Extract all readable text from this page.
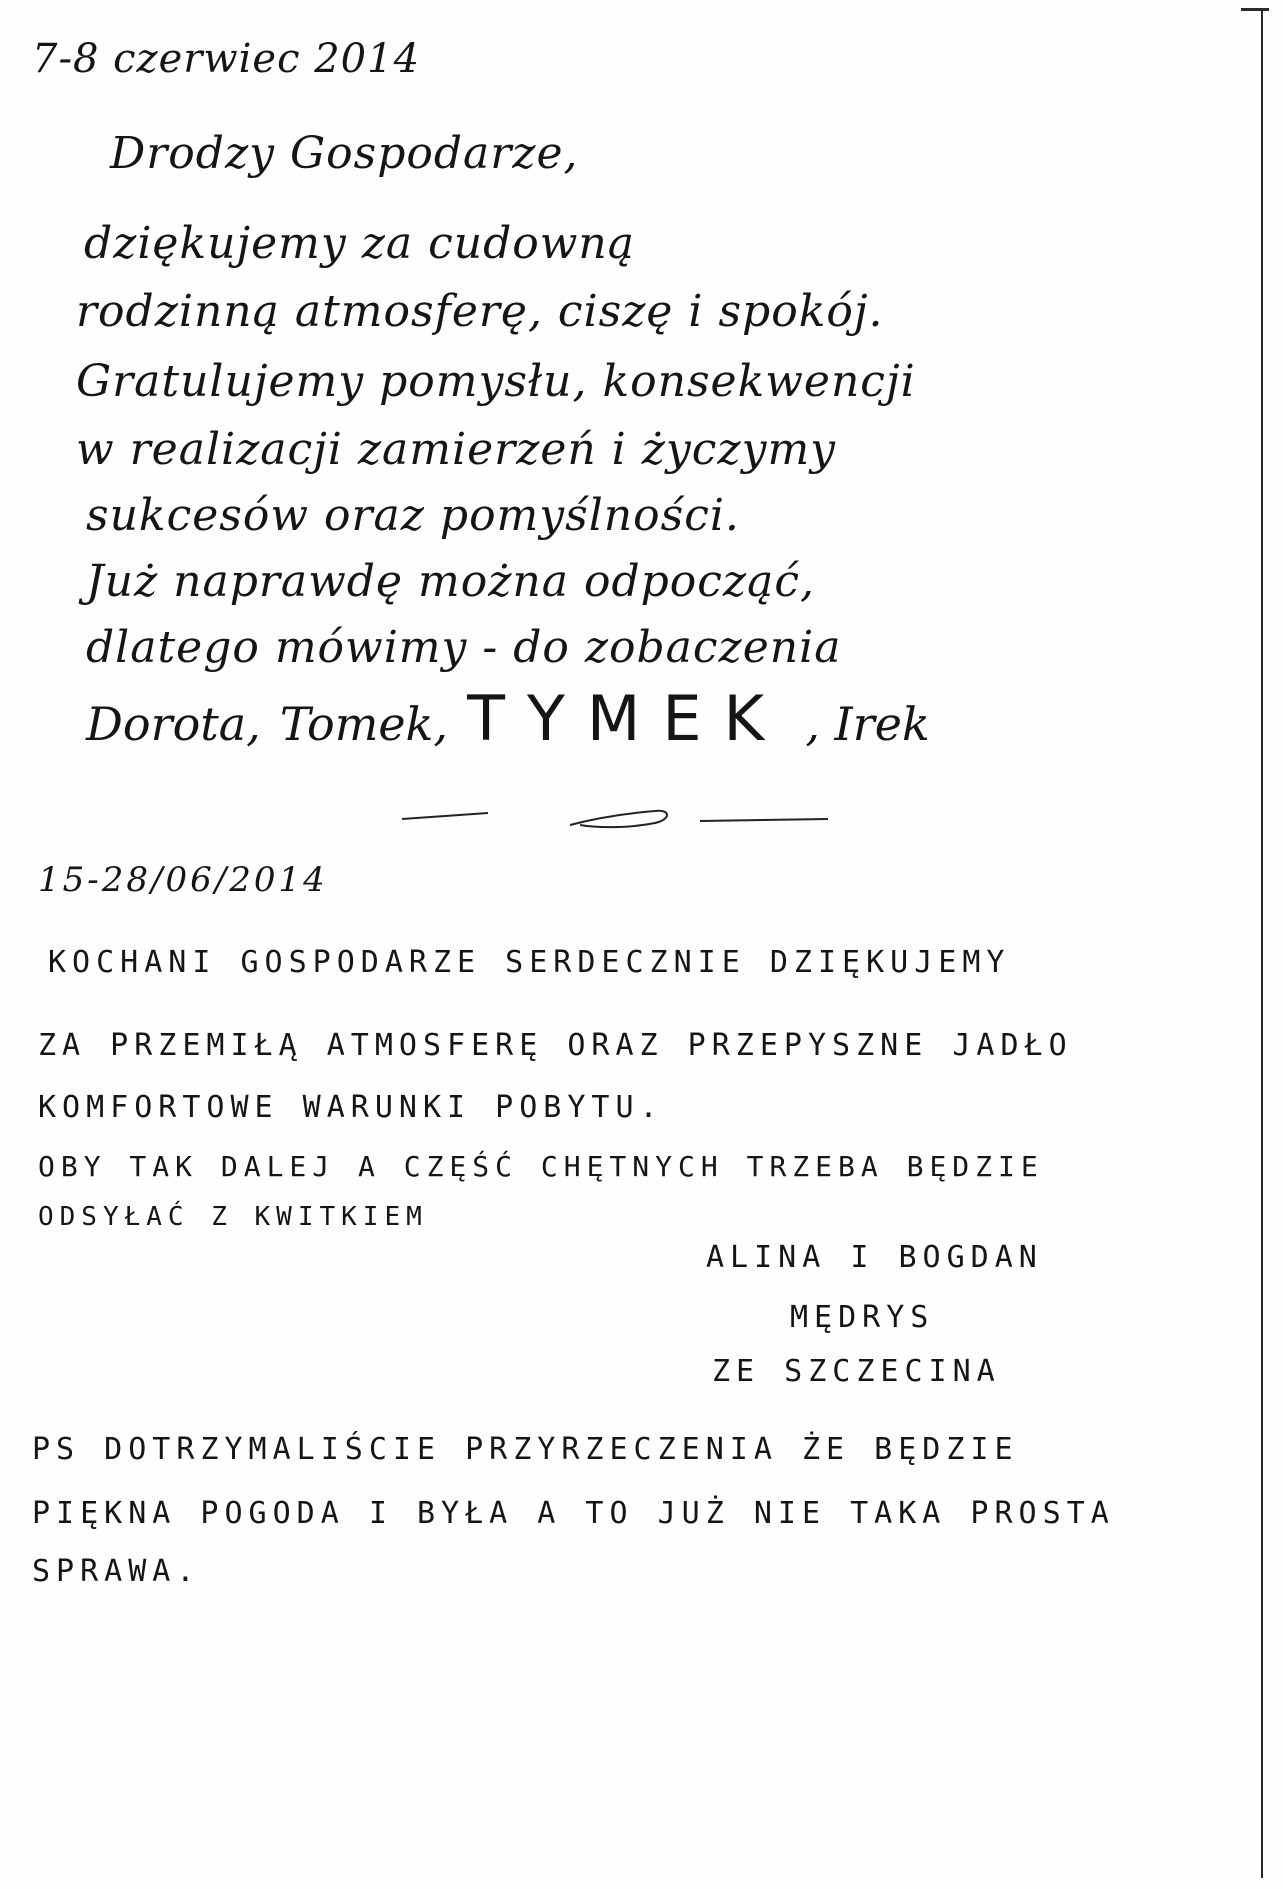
7-8 czerwiec 2014
Drodzy Gospodarze,
dziękujemy za cudowną
rodzinną atmosferę, ciszę i spokój.
Gratulujemy pomysłu, konsekwencji
w realizacji zamierzeń i życzymy
sukcesów oraz pomyślności.
Już naprawdę można odpocząć,
dlatego mówimy - do zobaczenia
Dorota, Tomek, TYMEK , Irek
15-28/06/2014
KOCHANI GOSPODARZE SERDECZNIE DZIĘKUJEMY
ZA PRZEMIŁĄ ATMOSFERĘ ORAZ PRZEPYSZNE JADŁO
KOMFORTOWE WARUNKI POBYTU.
OBY TAK DALEJ A CZĘŚĆ CHĘTNYCH TRZEBA BĘDZIE
ODSYŁAĆ Z KWITKIEM
ALINA I BOGDAN
MĘDRYS
ZE SZCZECINA
PS DOTRZYMALIŚCIE PRZYRZECZENIA ŻE BĘDZIE
PIĘKNA POGODA I BYŁA A TO JUŻ NIE TAKA PROSTA
SPRAWA.
